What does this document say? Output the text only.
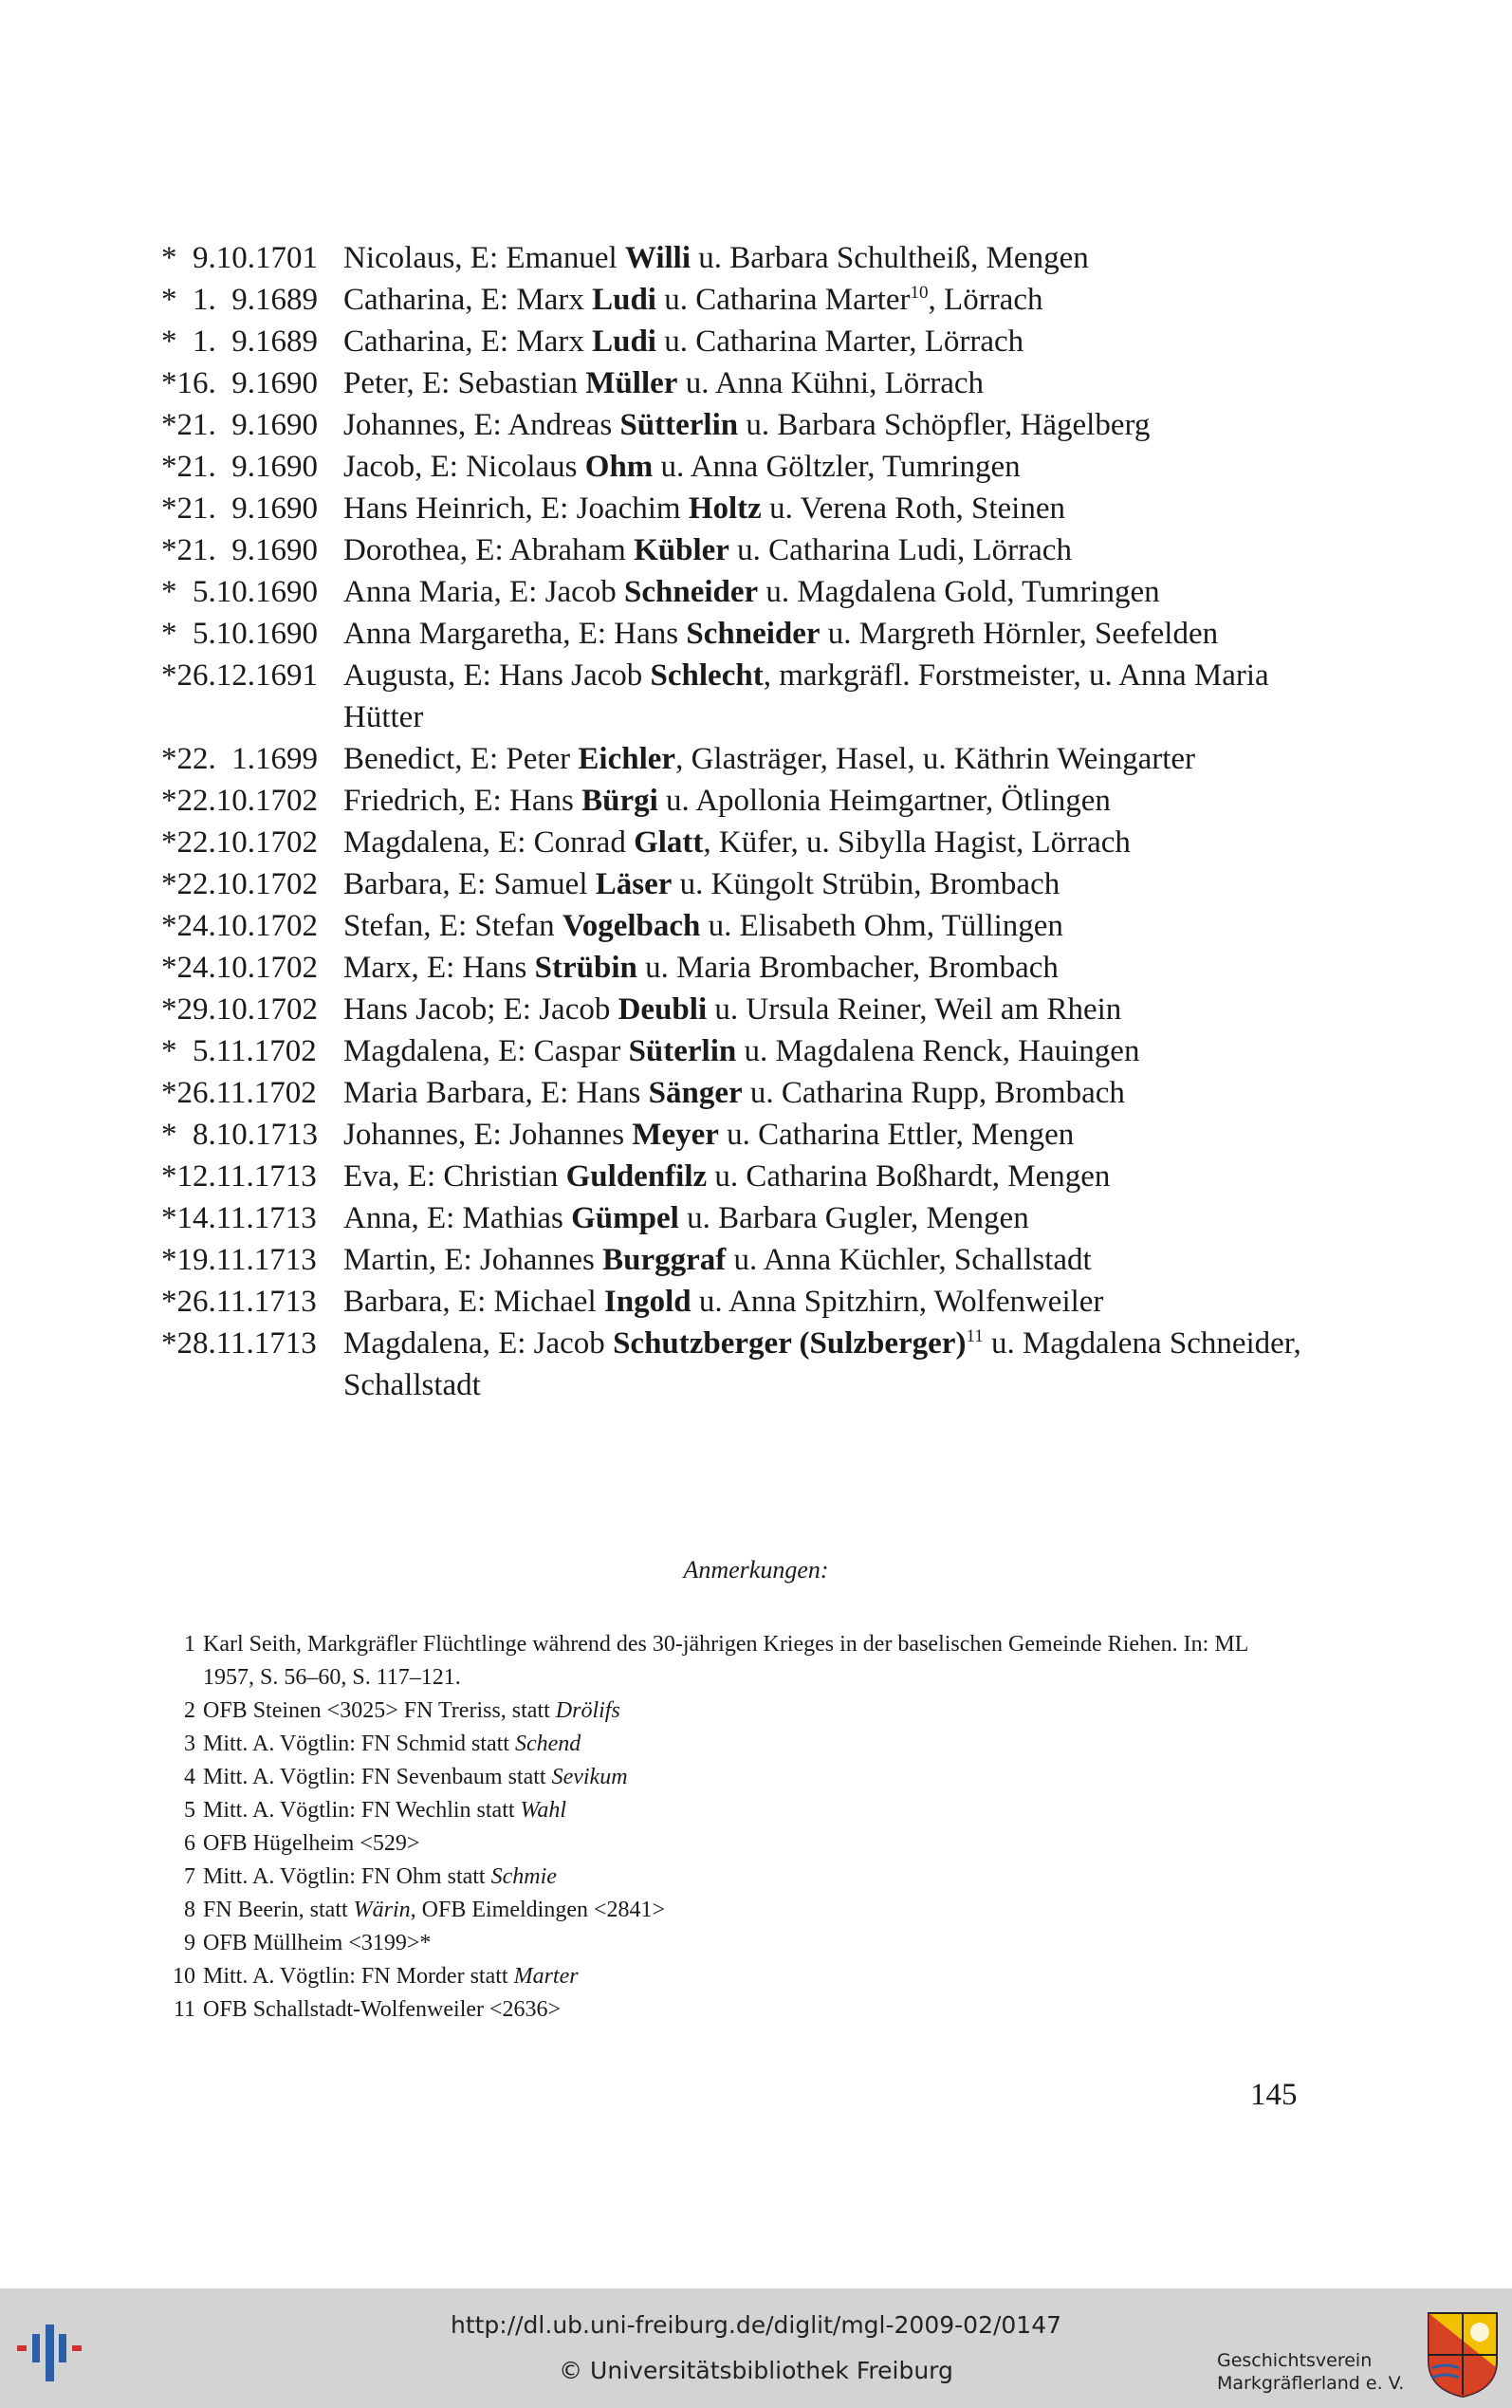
*  9.10.1701 Nicolaus, E: Emanuel Willi u. Barbara Schultheiß, Mengen
*  1.  9.1689 Catharina, E: Marx Ludi u. Catharina Marter$^{10}$, Lörrach
*  1.  9.1689 Catharina, E: Marx Ludi u. Catharina Marter, Lörrach
*16.  9.1690 Peter, E: Sebastian Müller u. Anna Kühni, Lörrach
*21.  9.1690 Johannes, E: Andreas Sütterlin u. Barbara Schöpfler, Hägelberg
*21.  9.1690 Jacob, E: Nicolaus Ohm u. Anna Göltzler, Tumringen
*21.  9.1690 Hans Heinrich, E: Joachim Holtz u. Verena Roth, Steinen
*21.  9.1690 Dorothea, E: Abraham Kübler u. Catharina Ludi, Lörrach
*  5.10.1690 Anna Maria, E: Jacob Schneider u. Magdalena Gold, Tumringen
*  5.10.1690 Anna Margaretha, E: Hans Schneider u. Margreth Hörnler, Seefelden
*26.12.1691 Augusta, E: Hans Jacob Schlecht, markgräfl. Forstmeister, u. Anna Maria Hütter
*22.  1.1699 Benedict, E: Peter Eichler, Glasträger, Hasel, u. Käthrin Weingarter
*22.10.1702 Friedrich, E: Hans Bürgi u. Apollonia Heimgartner, Ötlingen
*22.10.1702 Magdalena, E: Conrad Glatt, Küfer, u. Sibylla Hagist, Lörrach
*22.10.1702 Barbara, E: Samuel Läser u. Küngolt Strübin, Brombach
*24.10.1702 Stefan, E: Stefan Vogelbach u. Elisabeth Ohm, Tüllingen
*24.10.1702 Marx, E: Hans Strübin u. Maria Brombacher, Brombach
*29.10.1702 Hans Jacob; E: Jacob Deubli u. Ursula Reiner, Weil am Rhein
*  5.11.1702 Magdalena, E: Caspar Süterlin u. Magdalena Renck, Hauingen
*26.11.1702 Maria Barbara, E: Hans Sänger u. Catharina Rupp, Brombach
*  8.10.1713 Johannes, E: Johannes Meyer u. Catharina Ettler, Mengen
*12.11.1713 Eva, E: Christian Guldenfilz u. Catharina Boßhardt, Mengen
*14.11.1713 Anna, E: Mathias Gümpel u. Barbara Gugler, Mengen
*19.11.1713 Martin, E: Johannes Burggraf u. Anna Küchler, Schallstadt
*26.11.1713 Barbara, E: Michael Ingold u. Anna Spitzhirn, Wolfenweiler
*28.11.1713 Magdalena, E: Jacob Schutzberger (Sulzberger)$^{11}$ u. Magdalena Schneider, Schallstadt
Anmerkungen:
1 Karl Seith, Markgräfler Flüchtlinge während des 30-jährigen Krieges in der baselischen Gemeinde Riehen. In: ML 1957, S. 56–60, S. 117–121.
2 OFB Steinen <3025> FN Treriss, statt Drölifs
3 Mitt. A. Vögtlin: FN Schmid statt Schend
4 Mitt. A. Vögtlin: FN Sevenbaum statt Sevikum
5 Mitt. A. Vögtlin: FN Wechlin statt Wahl
6 OFB Hügelheim <529>
7 Mitt. A. Vögtlin: FN Ohm statt Schmie
8 FN Beerin, statt Wärin, OFB Eimeldingen <2841>
9 OFB Müllheim <3199>*
10 Mitt. A. Vögtlin: FN Morder statt Marter
11 OFB Schallstadt-Wolfenweiler <2636>
145
http://dl.ub.uni-freiburg.de/diglit/mgl-2009-02/0147
© Universitätsbibliothek Freiburg	Geschichtsverein
Markgräflerland e. V.
